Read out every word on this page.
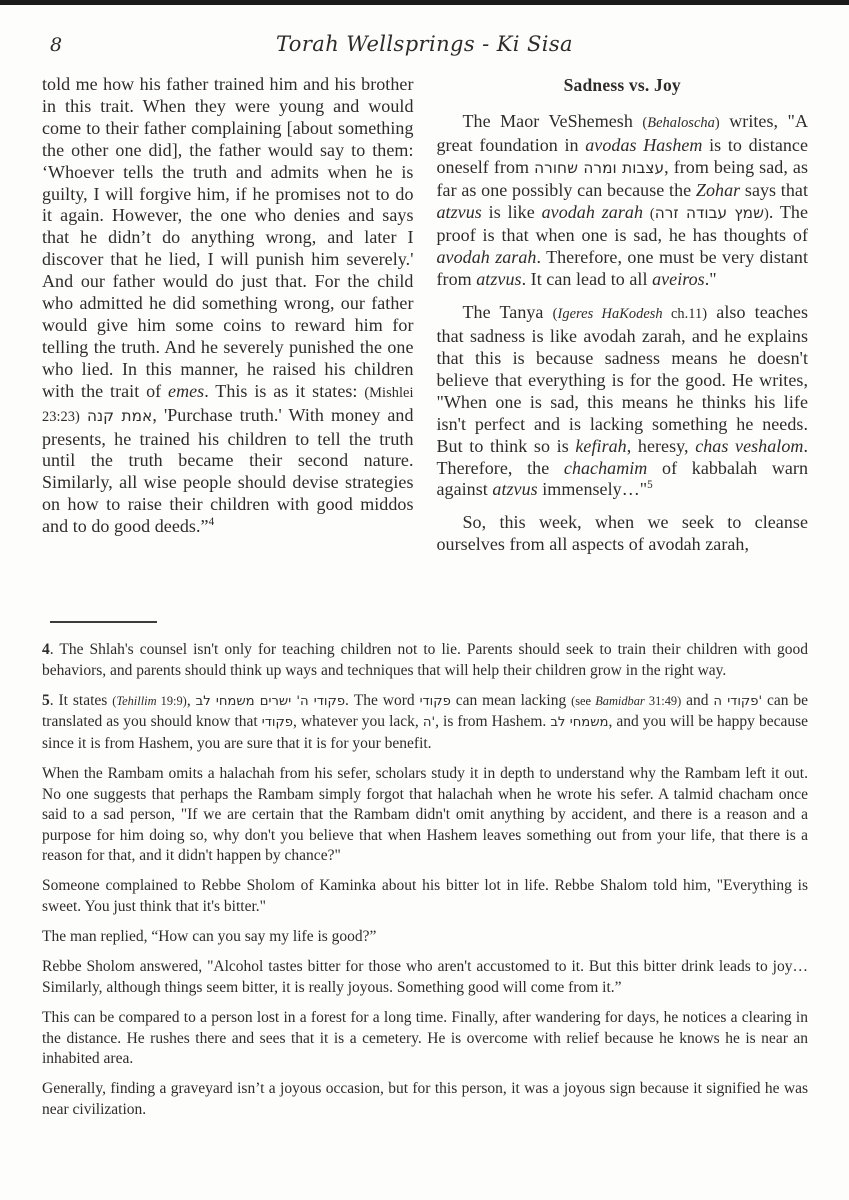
8	Torah Wellsprings - Ki Sisa

told me how his father trained him and his brother in this trait. When they were young and would come to their father complaining [about something the other one did], the father would say to them: ‘Whoever tells the truth and admits when he is guilty, I will forgive him, if he promises not to do it again. However, the one who denies and says that he didn’t do anything wrong, and later I discover that he lied, I will punish him severely.' And our father would do just that. For the child who admitted he did something wrong, our father would give him some coins to reward him for telling the truth. And he severely punished the one who lied. In this manner, he raised his children with the trait of emes. This is as it states: (Mishlei 23:23) אמת קנה, 'Purchase truth.' With money and presents, he trained his children to tell the truth until the truth became their second nature. Similarly, all wise people should devise strategies on how to raise their children with good middos and to do good deeds.”$^4$

Sadness vs. Joy

The Maor VeShemesh (Behaloscha) writes, "A great foundation in avodas Hashem is to distance oneself from עצבות ומרה שחורה, from being sad, as far as one possibly can because the Zohar says that atzvus is like avodah zarah (שמץ עבודה זרה). The proof is that when one is sad, he has thoughts of avodah zarah. Therefore, one must be very distant from atzvus. It can lead to all aveiros."

The Tanya (Igeres HaKodesh ch.11) also teaches that sadness is like avodah zarah, and he explains that this is because sadness means he doesn't believe that everything is for the good. He writes, "When one is sad, this means he thinks his life isn't perfect and is lacking something he needs. But to think so is kefirah, heresy, chas veshalom. Therefore, the chachamim of kabbalah warn against atzvus immensely…"$^5$

So, this week, when we seek to cleanse ourselves from all aspects of avodah zarah,

4. The Shlah's counsel isn't only for teaching children not to lie. Parents should seek to train their children with good behaviors, and parents should think up ways and techniques that will help their children grow in the right way.

5. It states (Tehillim 19:9), פקודי ה' ישרים משמחי לב. The word פקודי can mean lacking (see Bamidbar 31:49) and פקודי ה' can be translated as you should know that פקודי, whatever you lack, ה', is from Hashem. משמחי לב, and you will be happy because since it is from Hashem, you are sure that it is for your benefit.

When the Rambam omits a halachah from his sefer, scholars study it in depth to understand why the Rambam left it out. No one suggests that perhaps the Rambam simply forgot that halachah when he wrote his sefer. A talmid chacham once said to a sad person, "If we are certain that the Rambam didn't omit anything by accident, and there is a reason and a purpose for him doing so, why don't you believe that when Hashem leaves something out from your life, that there is a reason for that, and it didn't happen by chance?"

Someone complained to Rebbe Sholom of Kaminka about his bitter lot in life. Rebbe Shalom told him, "Everything is sweet. You just think that it's bitter."

The man replied, “How can you say my life is good?”

Rebbe Sholom answered, "Alcohol tastes bitter for those who aren't accustomed to it. But this bitter drink leads to joy… Similarly, although things seem bitter, it is really joyous. Something good will come from it.”

This can be compared to a person lost in a forest for a long time. Finally, after wandering for days, he notices a clearing in the distance. He rushes there and sees that it is a cemetery. He is overcome with relief because he knows he is near an inhabited area.

Generally, finding a graveyard isn’t a joyous occasion, but for this person, it was a joyous sign because it signified he was near civilization.
